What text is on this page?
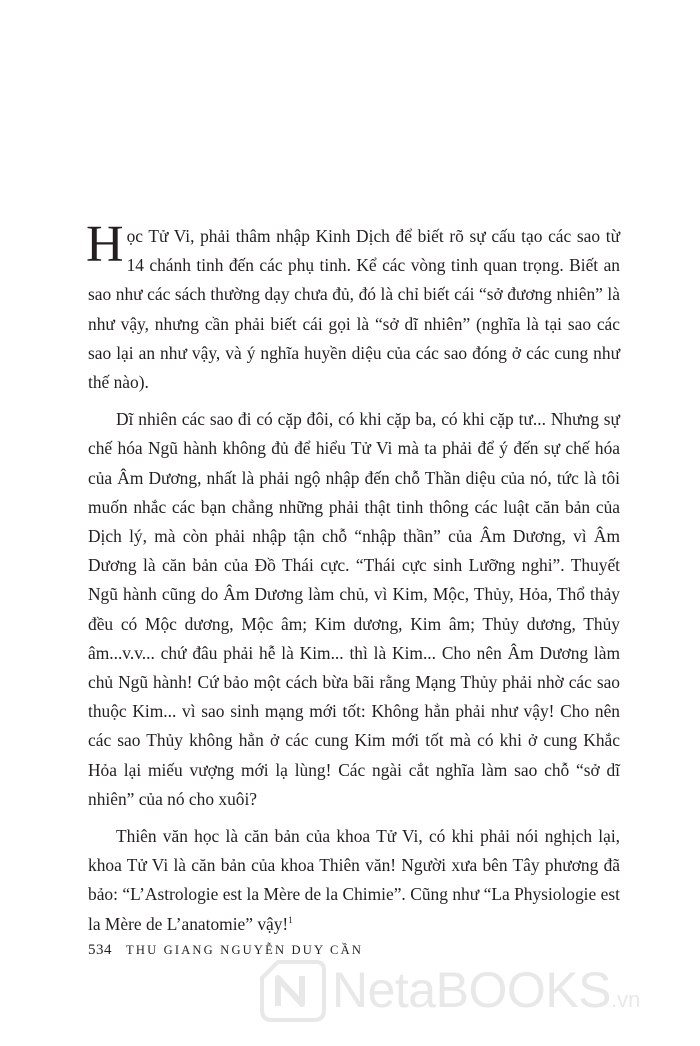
Học Tử Vi, phải thâm nhập Kinh Dịch để biết rõ sự cấu tạo các sao từ 14 chánh tinh đến các phụ tinh. Kể các vòng tinh quan trọng. Biết an sao như các sách thường dạy chưa đủ, đó là chỉ biết cái “sở đương nhiên” là như vậy, nhưng cần phải biết cái gọi là “sở dĩ nhiên” (nghĩa là tại sao các sao lại an như vậy, và ý nghĩa huyền diệu của các sao đóng ở các cung như thế nào).

Dĩ nhiên các sao đi có cặp đôi, có khi cặp ba, có khi cặp tư... Nhưng sự chế hóa Ngũ hành không đủ để hiểu Tử Vi mà ta phải để ý đến sự chế hóa của Âm Dương, nhất là phải ngộ nhập đến chỗ Thần diệu của nó, tức là tôi muốn nhắc các bạn chẳng những phải thật tinh thông các luật căn bản của Dịch lý, mà còn phải nhập tận chỗ “nhập thần” của Âm Dương, vì Âm Dương là căn bản của Đồ Thái cực. “Thái cực sinh Lưỡng nghi”. Thuyết Ngũ hành cũng do Âm Dương làm chủ, vì Kim, Mộc, Thủy, Hỏa, Thổ thảy đều có Mộc dương, Mộc âm; Kim dương, Kim âm; Thủy dương, Thủy âm...v.v... chứ đâu phải hễ là Kim... thì là Kim... Cho nên Âm Dương làm chủ Ngũ hành! Cứ bảo một cách bừa bãi rằng Mạng Thủy phải nhờ các sao thuộc Kim... vì sao sinh mạng mới tốt: Không hẳn phải như vậy! Cho nên các sao Thủy không hẳn ở các cung Kim mới tốt mà có khi ở cung Khắc Hỏa lại miếu vượng mới lạ lùng! Các ngài cắt nghĩa làm sao chỗ “sở dĩ nhiên” của nó cho xuôi?

Thiên văn học là căn bản của khoa Tử Vi, có khi phải nói nghịch lại, khoa Tử Vi là căn bản của khoa Thiên văn! Người xưa bên Tây phương đã bảo: “L’Astrologie est la Mère de la Chimie”. Cũng như “La Physiologie est la Mère de L’anatomie” vậy!$^1$

534 THU GIANG NGUYỄN DUY CẦN
NetaBOOKS.vn
